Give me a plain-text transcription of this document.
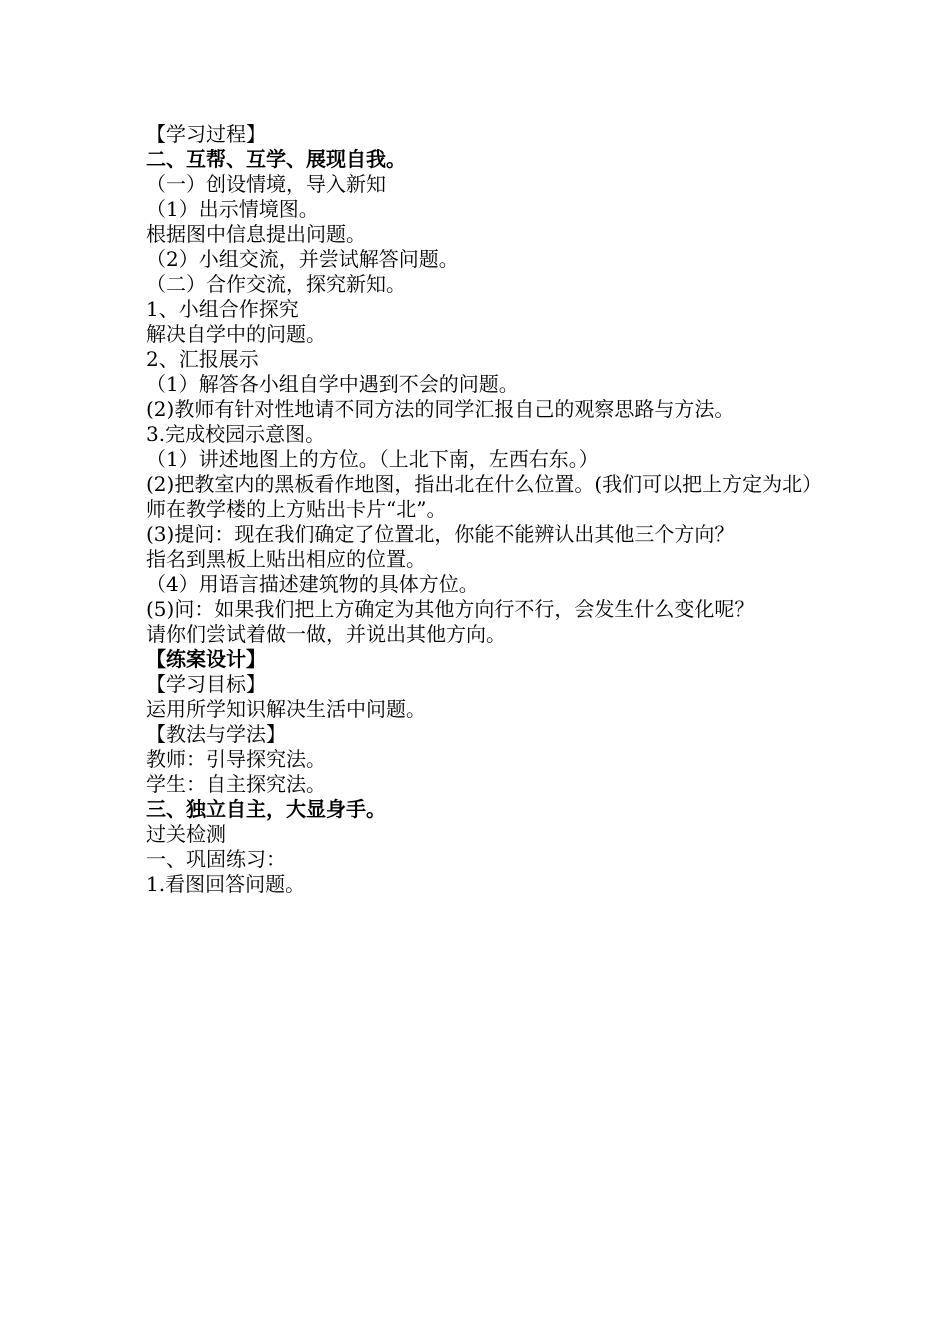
【学习过程】
二、互帮、互学、展现自我。
（一）创设情境，导入新知
（1）出示情境图。
根据图中信息提出问题。
（2）小组交流，并尝试解答问题。
（二）合作交流，探究新知。
1、小组合作探究
解决自学中的问题。
2、汇报展示
（1）解答各小组自学中遇到不会的问题。
(2)教师有针对性地请不同方法的同学汇报自己的观察思路与方法。
3.完成校园示意图。
（1）讲述地图上的方位。（上北下南，左西右东。）
(2)把教室内的黑板看作地图，指出北在什么位置。(我们可以把上方定为北）
师在教学楼的上方贴出卡片“北”。
(3)提问：现在我们确定了位置北，你能不能辨认出其他三个方向？
指名到黑板上贴出相应的位置。
（4）用语言描述建筑物的具体方位。
(5)问：如果我们把上方确定为其他方向行不行，会发生什么变化呢？
请你们尝试着做一做，并说出其他方向。
【练案设计】
【学习目标】
运用所学知识解决生活中问题。
【教法与学法】
教师：引导探究法。
学生：自主探究法。
三、独立自主，大显身手。
过关检测
一、巩固练习：
1.看图回答问题。
